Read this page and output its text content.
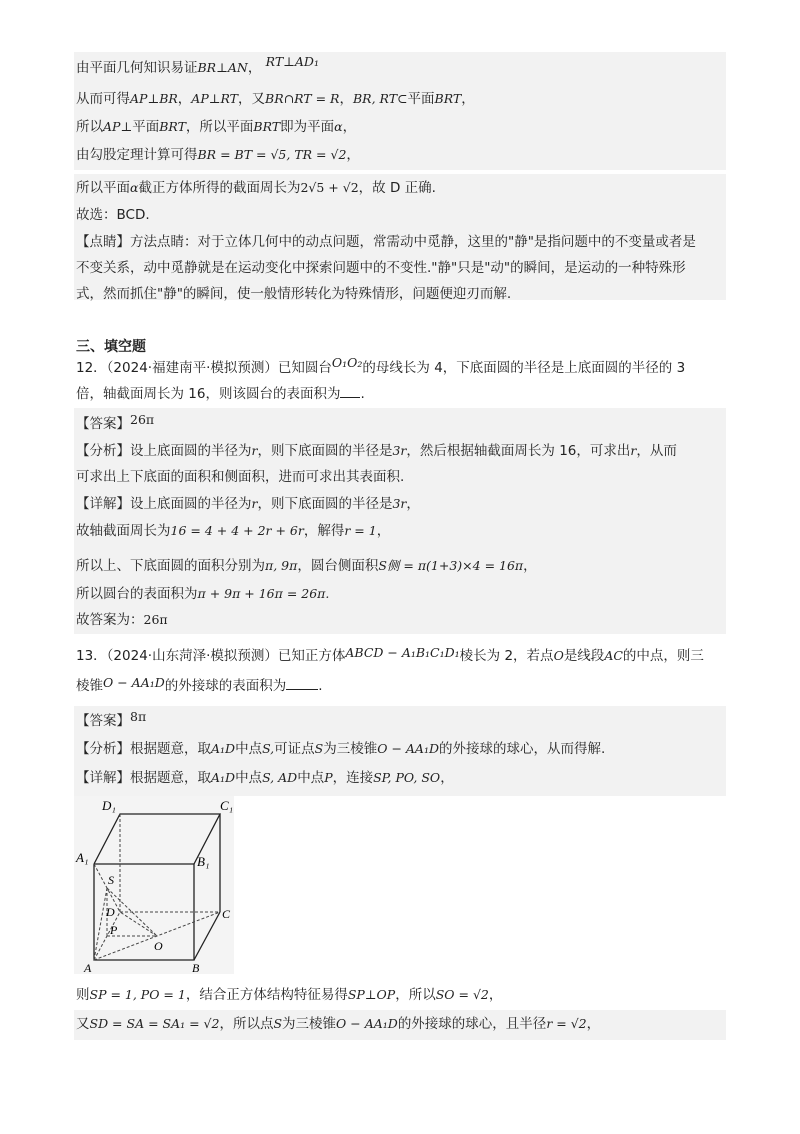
由平面几何知识易证BR⊥AN， RT⊥AD₁
从而可得AP⊥BR，AP⊥RT，又BR∩RT = R，BR, RT⊂平面BRT，
所以AP⊥平面BRT，所以平面BRT即为平面α，
由勾股定理计算可得BR = BT = √5, TR = √2，
所以平面α截正方体所得的截面周长为2√5 + √2，故 D 正确.
故选：BCD.
【点睛】方法点睛：对于立体几何中的动点问题，常需动中觅静，这里的"静"是指问题中的不变量或者是
不变关系，动中觅静就是在运动变化中探索问题中的不变性."静"只是"动"的瞬间，是运动的一种特殊形
式，然而抓住"静"的瞬间，使一般情形转化为特殊情形，问题便迎刃而解.
三、填空题
12．（2024·福建南平·模拟预测）已知圆台O₁O₂的母线长为 4，下底面圆的半径是上底面圆的半径的 3
倍，轴截面周长为 16，则该圆台的表面积为 .
【答案】26π
【分析】设上底面圆的半径为r，则下底面圆的半径是3r，然后根据轴截面周长为 16，可求出r，从而
可求出上下底面的面积和侧面积，进而可求出其表面积.
【详解】设上底面圆的半径为r，则下底面圆的半径是3r，
故轴截面周长为16 = 4 + 4 + 2r + 6r，解得r = 1，
所以上、下底面圆的面积分别为π, 9π，圆台侧面积S侧 = π(1+3)×4 = 16π，
所以圆台的表面积为π + 9π + 16π = 26π.
故答案为：26π
13．（2024·山东菏泽·模拟预测）已知正方体ABCD − A₁B₁C₁D₁棱长为 2，若点O是线段AC的中点，则三
棱锥O − AA₁D的外接球的表面积为 .
【答案】8π
【分析】根据题意，取A₁D中点S,可证点S为三棱锥O − AA₁D的外接球的球心，从而得解.
【详解】根据题意，取A₁D中点S, AD中点P，连接SP, PO, SO，
D₁	C₁
A₁	B₁
S
D	C
P
O
A	B
则SP = 1, PO = 1，结合正方体结构特征易得SP⊥OP，所以SO = √2，
又SD = SA = SA₁ = √2，所以点S为三棱锥O − AA₁D的外接球的球心，且半径r = √2，
